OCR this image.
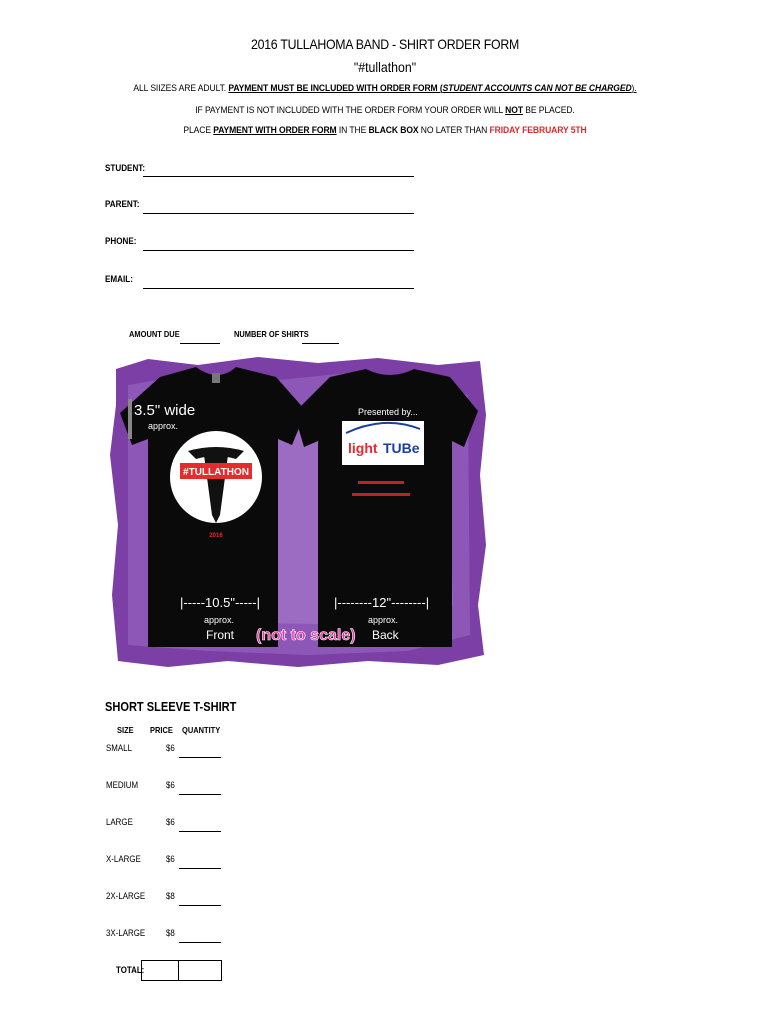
2016 TULLAHOMA BAND - SHIRT ORDER FORM
"#tullathon"
ALL SIIZES ARE ADULT. PAYMENT MUST BE INCLUDED WITH ORDER FORM (STUDENT ACCOUNTS CAN NOT BE CHARGED).
IF PAYMENT IS NOT INCLUDED WITH THE ORDER FORM YOUR ORDER WILL NOT BE PLACED.
PLACE PAYMENT WITH ORDER FORM IN THE BLACK BOX NO LATER THAN FRIDAY FEBRUARY 5TH
STUDENT:
PARENT:
PHONE:
EMAIL:
AMOUNT DUE	NUMBER OF SHIRTS
3.5" wide
approx.
#TULLATHON
2016
|-----10.5"-----|
approx.
Front (not to scale)
Presented by...
light TUBe
|--------12"--------|
approx.
Back
SHORT SLEEVE T-SHIRT
SIZE PRICE QUANTITY
SMALL	$6
MEDIUM	$6
LARGE	$6
X-LARGE	$6
2X-LARGE $8
3X-LARGE $8
TOTAL:
